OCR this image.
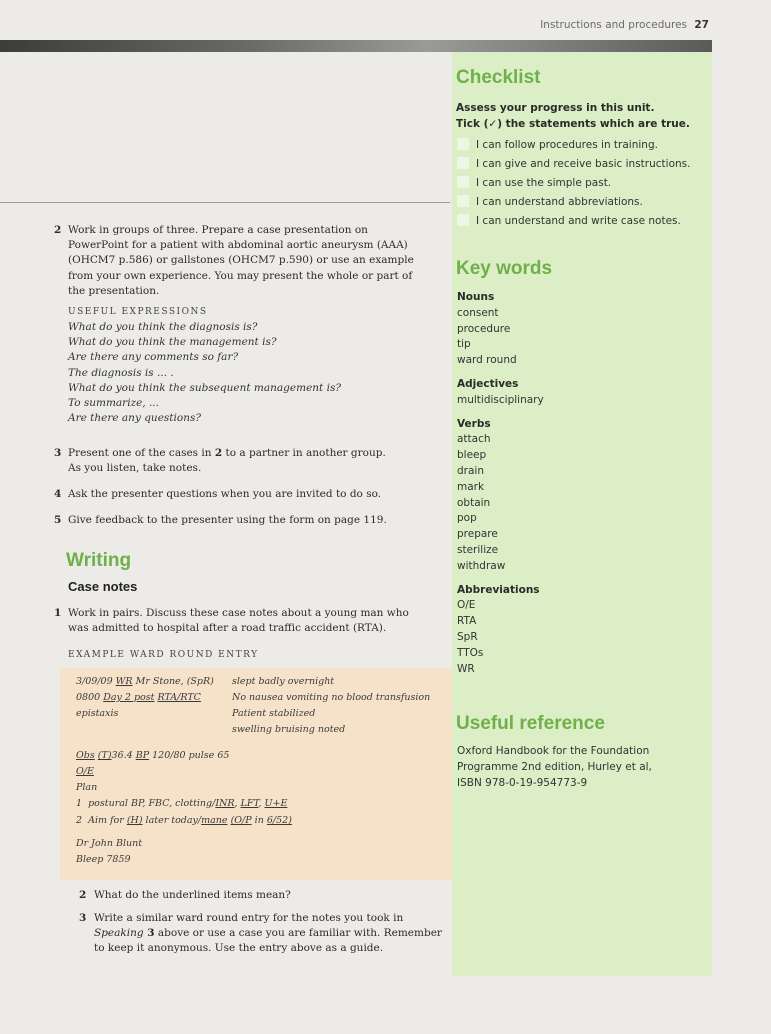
Instructions and procedures 27
Checklist
Assess your progress in this unit.
Tick (✓) the statements which are true.
I can follow procedures in training.
I can give and receive basic instructions.
I can use the simple past.
I can understand abbreviations.
I can understand and write case notes.
Key words
Nouns
consent
procedure
tip
ward round
Adjectives
multidisciplinary
Verbs
attach
bleep
drain
mark
obtain
pop
prepare
sterilize
withdraw
Abbreviations
O/E
RTA
SpR
TTOs
WR
Useful reference
Oxford Handbook for the Foundation
Programme 2nd edition, Hurley et al,
ISBN 978-0-19-954773-9
2 Work in groups of three. Prepare a case presentation on
PowerPoint for a patient with abdominal aortic aneurysm (AAA)
(OHCM7 p.586) or gallstones (OHCM7 p.590) or use an example
from your own experience. You may present the whole or part of
the presentation.
USEFUL EXPRESSIONS
What do you think the diagnosis is?
What do you think the management is?
Are there any comments so far?
The diagnosis is ... .
What do you think the subsequent management is?
To summarize, ...
Are there any questions?
3 Present one of the cases in 2 to a partner in another group.
As you listen, take notes.
4 Ask the presenter questions when you are invited to do so.
5 Give feedback to the presenter using the form on page 119.
Writing
Case notes
1 Work in pairs. Discuss these case notes about a young man who
was admitted to hospital after a road traffic accident (RTA).
EXAMPLE WARD ROUND ENTRY
3/09/09 WR Mr Stone, (SpR) slept badly overnight
0800 Day 2 post RTA/RTC	No nausea vomiting no blood transfusion
epistaxis	Patient stabilized
swelling bruising noted
Obs (T)36.4 BP 120/80 pulse 65
O/E
Plan
1 postural BP, FBC, clotting/INR, LFT, U+E
2 Aim for (H) later today/mane (O/P in 6/52)
Dr John Blunt
Bleep 7859
2 What do the underlined items mean?
3 Write a similar ward round entry for the notes you took in
Speaking 3 above or use a case you are familiar with. Remember
to keep it anonymous. Use the entry above as a guide.
